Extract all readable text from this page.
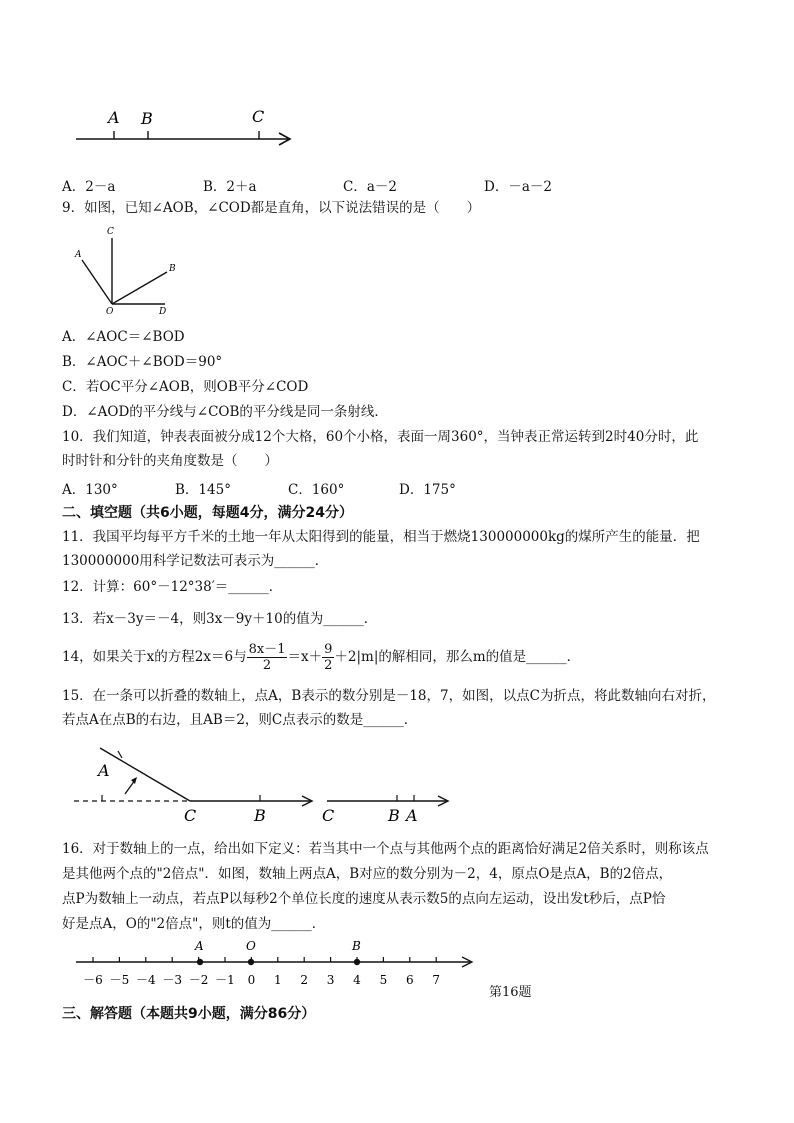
A B	C
A．2－a	B．2＋a	C．a－2	D．－a－2
9．如图，已知∠AOB，∠COD都是直角，以下说法错误的是（　　）
C
A
B
O	D
A．∠AOC＝∠BOD
B．∠AOC＋∠BOD＝90°
C．若OC平分∠AOB，则OB平分∠COD
D．∠AOD的平分线与∠COB的平分线是同一条射线．
10．我们知道，钟表表面被分成12个大格，60个小格，表面一周360°，当钟表正常运转到2时40分时，此
时时针和分针的夹角度数是（　　）
A．130°	B．145°	C．160°	D．175°
二、填空题（共6小题，每题4分，满分24分）
11．我国平均每平方千米的土地一年从太阳得到的能量，相当于燃烧130000000kg的煤所产生的能量．把
130000000用科学记数法可表示为______．
12．计算：60°－12°38′＝______．
13．若x－3y＝－4，则3x－9y＋10的值为______．
14，如果关于x的方程2x＝6与 $\frac{8x-1}{2} =x+ \frac{9}{2} +2|m|$的解相同，那么m的值是______．
15．在一条可以折叠的数轴上，点A，B表示的数分别是－18，7，如图，以点C为折点，将此数轴向右对折，
若点A在点B的右边，且AB＝2，则C点表示的数是______．
A
C	B	C	B A
16．对于数轴上的一点，给出如下定义：若当其中一个点与其他两个点的距离恰好满足2倍关系时，则称该点
是其他两个点的"2倍点"．如图，数轴上两点A，B对应的数分别为－2，4，原点O是点A，B的2倍点，
点P为数轴上一动点，若点P以每秒2个单位长度的速度从表示数5的点向左运动，设出发t秒后，点P恰
好是点A，O的"2倍点"，则t的值为______．
－6 －5 －4 －3 －2 －1 0 1 2 3 4 5 6 7
A	O	B
第16题
三、解答题（本题共9小题，满分86分）
